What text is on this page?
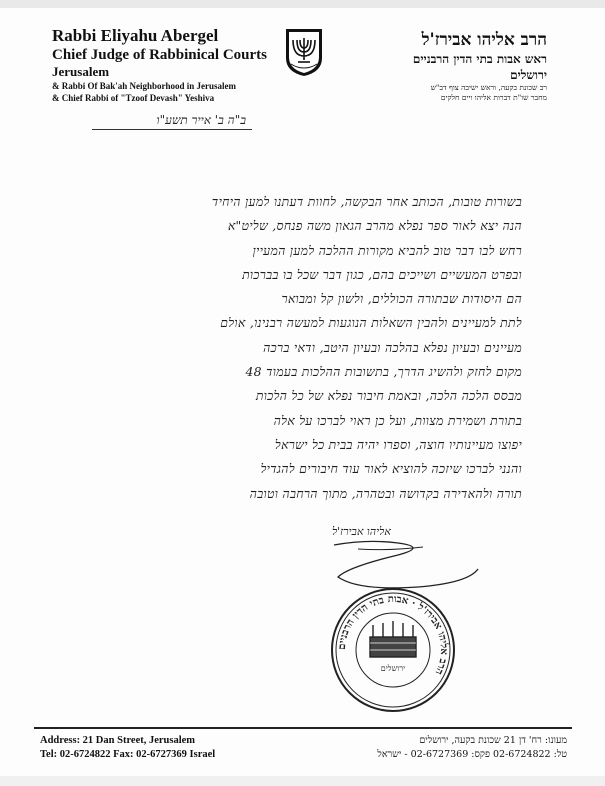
Rabbi Eliyahu Abergel
Chief Judge of Rabbinical Courts
Jerusalem
& Rabbi Of Bak'ah Neighborhood in Jerusalem
& Chief Rabbi of "Tzoof Devash" Yeshiva
הרב אליהו אבירז'ל
ראש אבות בתי הדין הרבניים
ירושלים
רב שכונת בקעה, וראש ישיבה צוף דב"ש
מחבר שו"ת דברות אליהו ויים חלקים
ב"ה ב' אייר תשע"ו
בשורות טובות, הכותב אחר הבקשה, לחוות דעתנו למען היחיד
הנה יצא לאור ספר נפלא מהרב הגאון משה פנחס, שליט"א
רחש לבו דבר טוב להביא מקורות ההלכה למען המעיין
ובפרט המעשיים ושייכים בהם, כגון דבר שכל בו בברכות
הם היסודות שבתורה הכוללים, ולשון קל ומבואר
לתת למעיינים ולהבין השאלות הנוגעות למעשה רבנינו, אולם
מעיינים ובעיון נפלא בהלכה ובעיון היטב, ודאי ברכה
מקום לחזק ולהשיג הדרך, בתשובות ההלכות בעמוד 48
מבסס הלכה הלכה, ובאמת חיבור נפלא של כל הלכות
בתורת ושמירת מצוות, ועל כן ראוי לברכו על אלה
יפוצו מעיינותיו חוצה, וספרו יהיה בבית כל ישראל
והנני לברכו שיזכה להוציא לאור עוד חיבורים להגדיל
תורה ולהאדירה בקדושה ובטהרה, מתוך הרחבה וטובה
אליהו אבירז'ל
הרב אליהו אבירז'ל · אבות בתי הדין הרבניים
ירושלים
Address: 21 Dan Street, Jerusalem
Tel: 02-6724822 Fax: 02-6727369 Israel
מעונו: רח' דן 21 שכונת בקעה, ירושלים
טל: 02-6724822 פקס: 02-6727369 - ישראל
